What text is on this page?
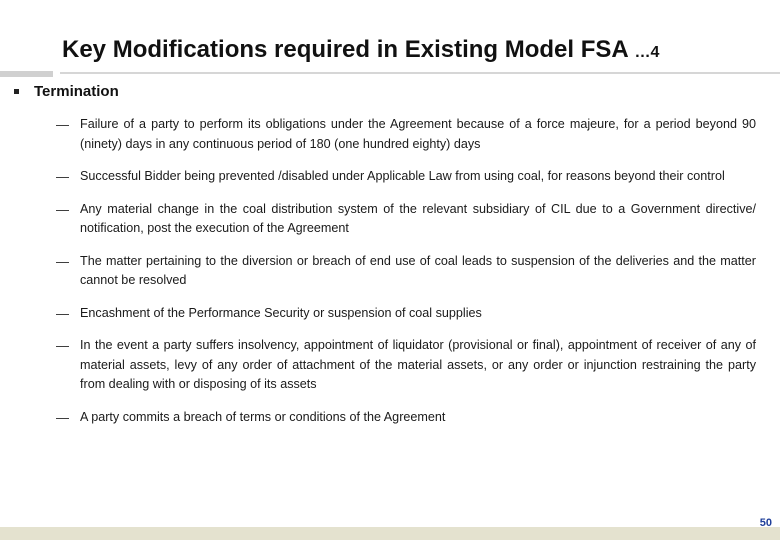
Key Modifications required in Existing Model FSA …4
Termination
— Failure of a party to perform its obligations under the Agreement because of a force majeure, for a period beyond 90 (ninety) days in any continuous period of 180 (one hundred eighty) days
— Successful Bidder being prevented /disabled under Applicable Law from using coal, for reasons beyond their control
— Any material change in the coal distribution system of the relevant subsidiary of CIL due to a Government directive/ notification, post the execution of the Agreement
— The matter pertaining to the diversion or breach of end use of coal leads to suspension of the deliveries and the matter cannot be resolved
— Encashment of the Performance Security or suspension of coal supplies
— In the event a party suffers insolvency, appointment of liquidator (provisional or final), appointment of receiver of any of material assets, levy of any order of attachment of the material assets, or any order or injunction restraining the party from dealing with or disposing of its assets
— A party commits a breach of terms or conditions of the Agreement
50
